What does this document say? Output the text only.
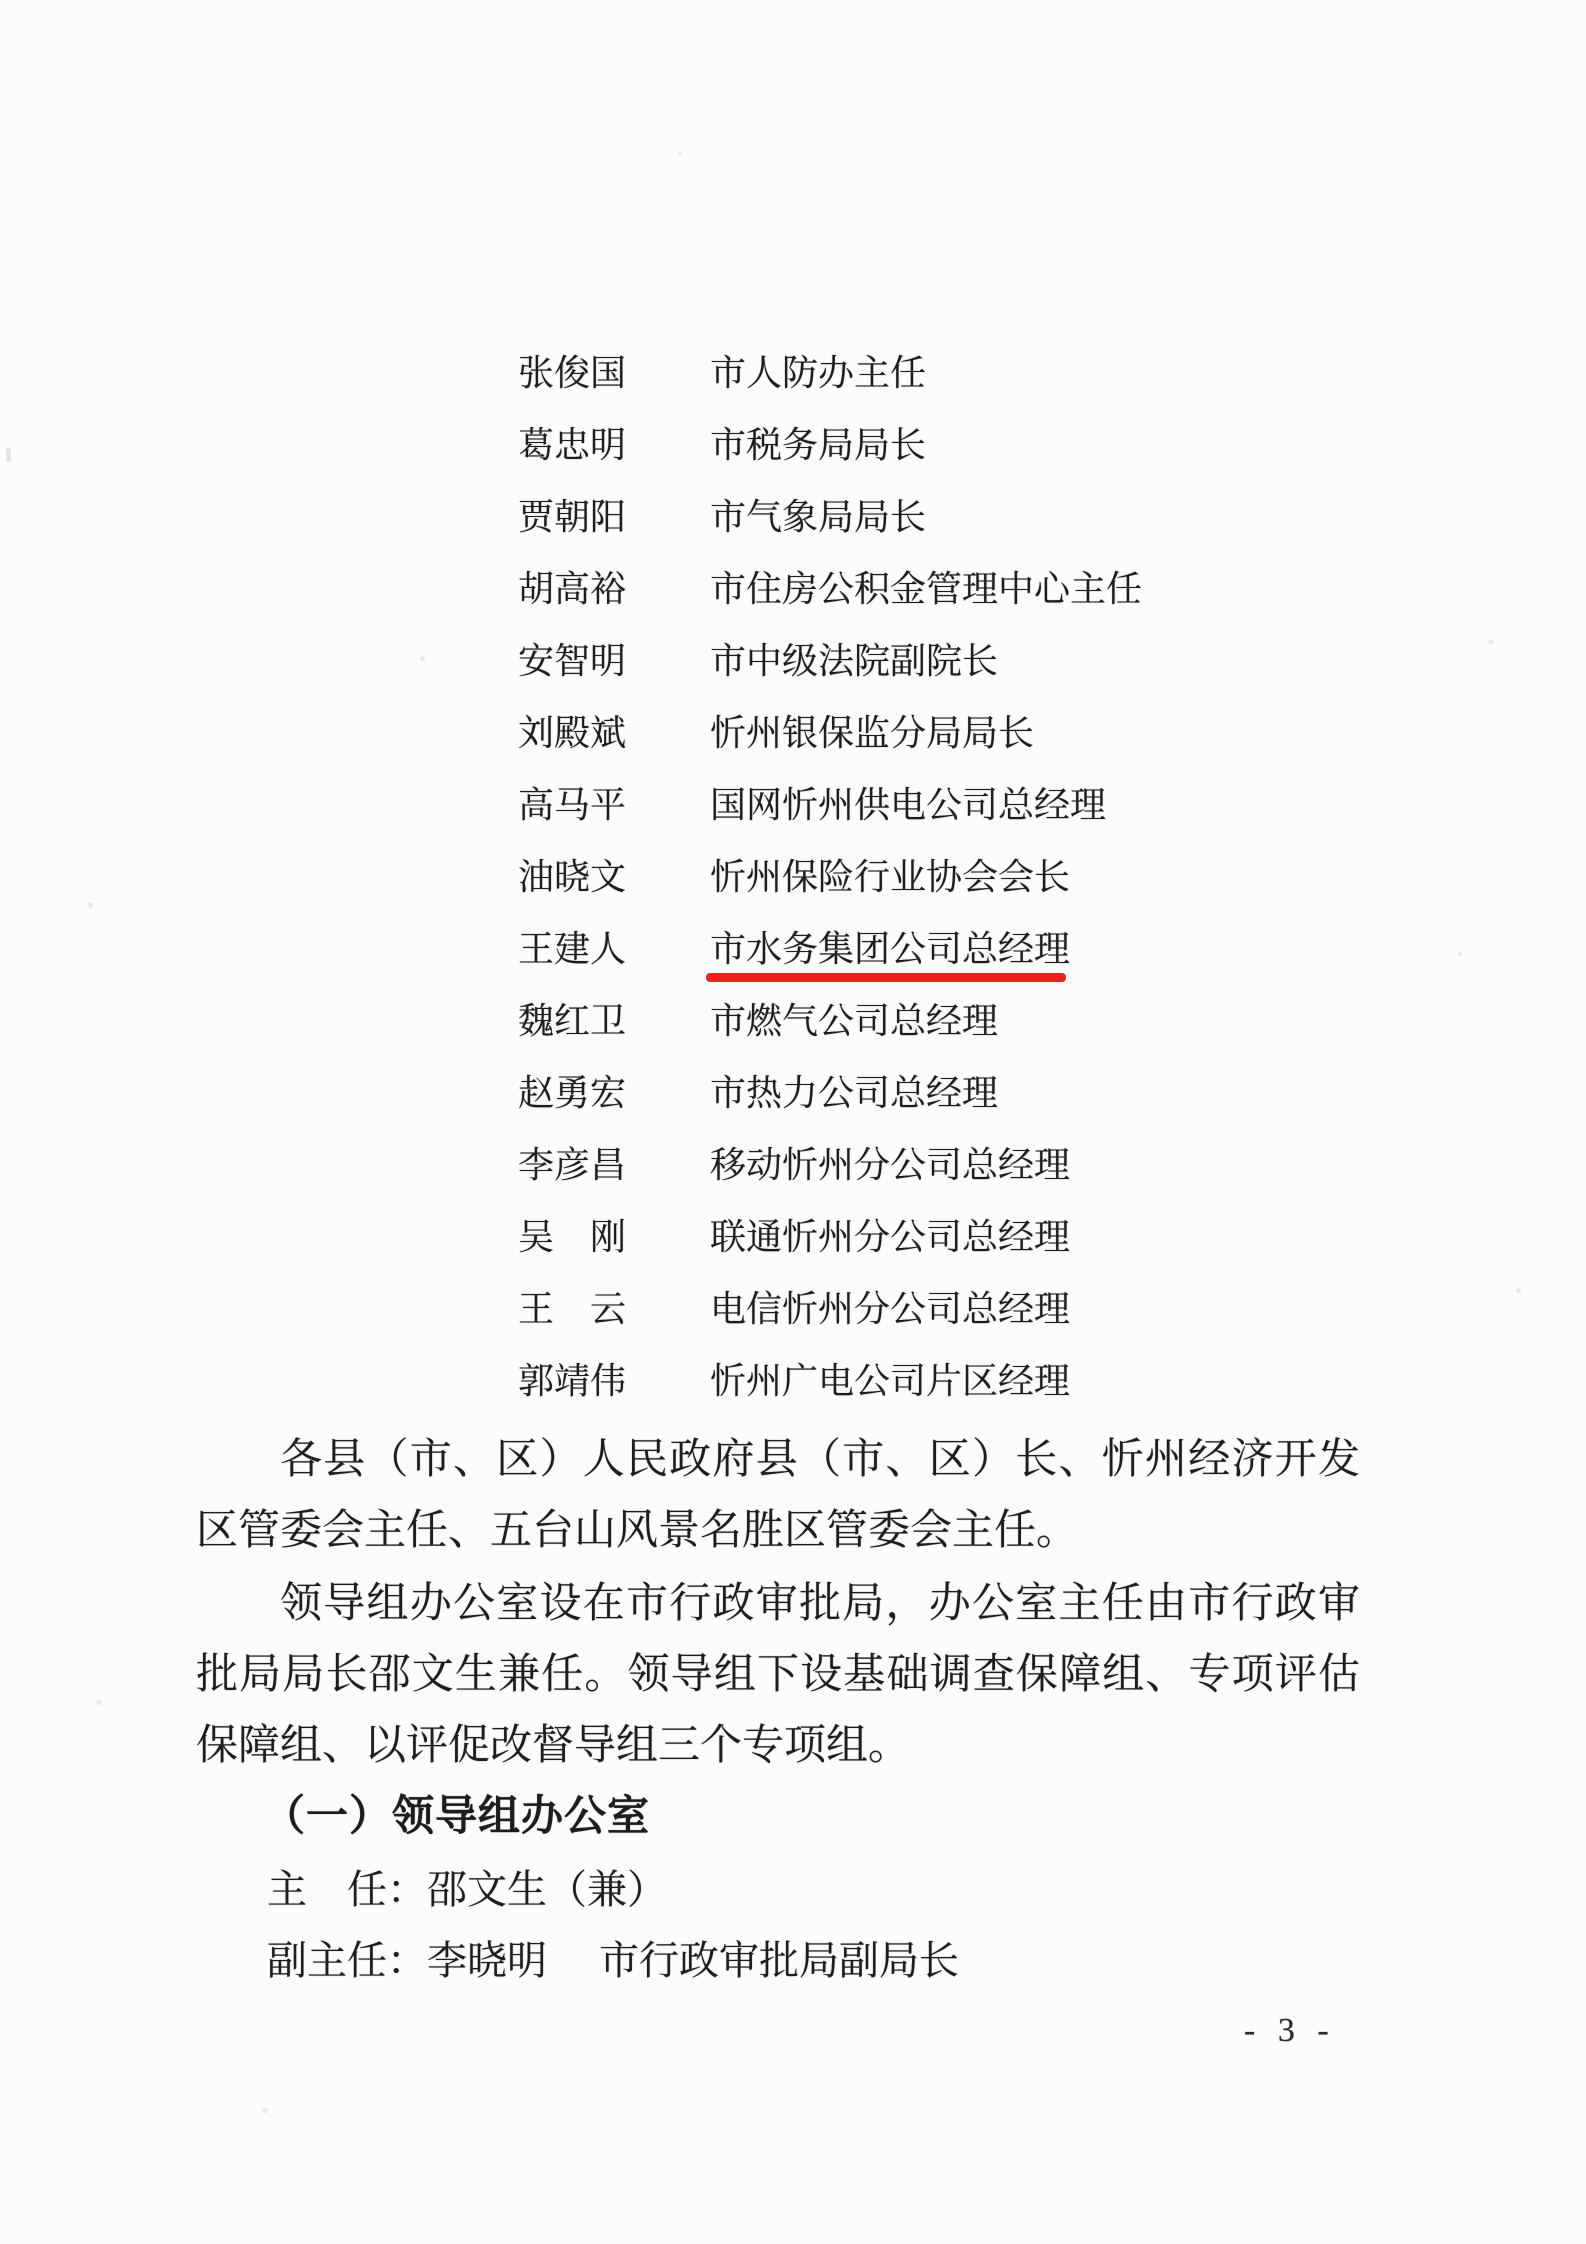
张俊国 市人防办主任
葛忠明 市税务局局长
贾朝阳 市气象局局长
胡高裕 市住房公积金管理中心主任
安智明 市中级法院副院长
刘殿斌 忻州银保监分局局长
高马平 国网忻州供电公司总经理
油晓文 忻州保险行业协会会长
王建人 市水务集团公司总经理
魏红卫 市燃气公司总经理
赵勇宏 市热力公司总经理
李彦昌 移动忻州分公司总经理
吴　刚 联通忻州分公司总经理
王　云 电信忻州分公司总经理
郭靖伟 忻州广电公司片区经理
各县（市、区）人民政府县（市、区）长、忻州经济开发区管委会主任、五台山风景名胜区管委会主任。
领导组办公室设在市行政审批局，办公室主任由市行政审批局局长邵文生兼任。领导组下设基础调查保障组、专项评估保障组、以评促改督导组三个专项组。
（一）领导组办公室
主　任：邵文生（兼）
副主任：李晓明 市行政审批局副局长
- 3 -
